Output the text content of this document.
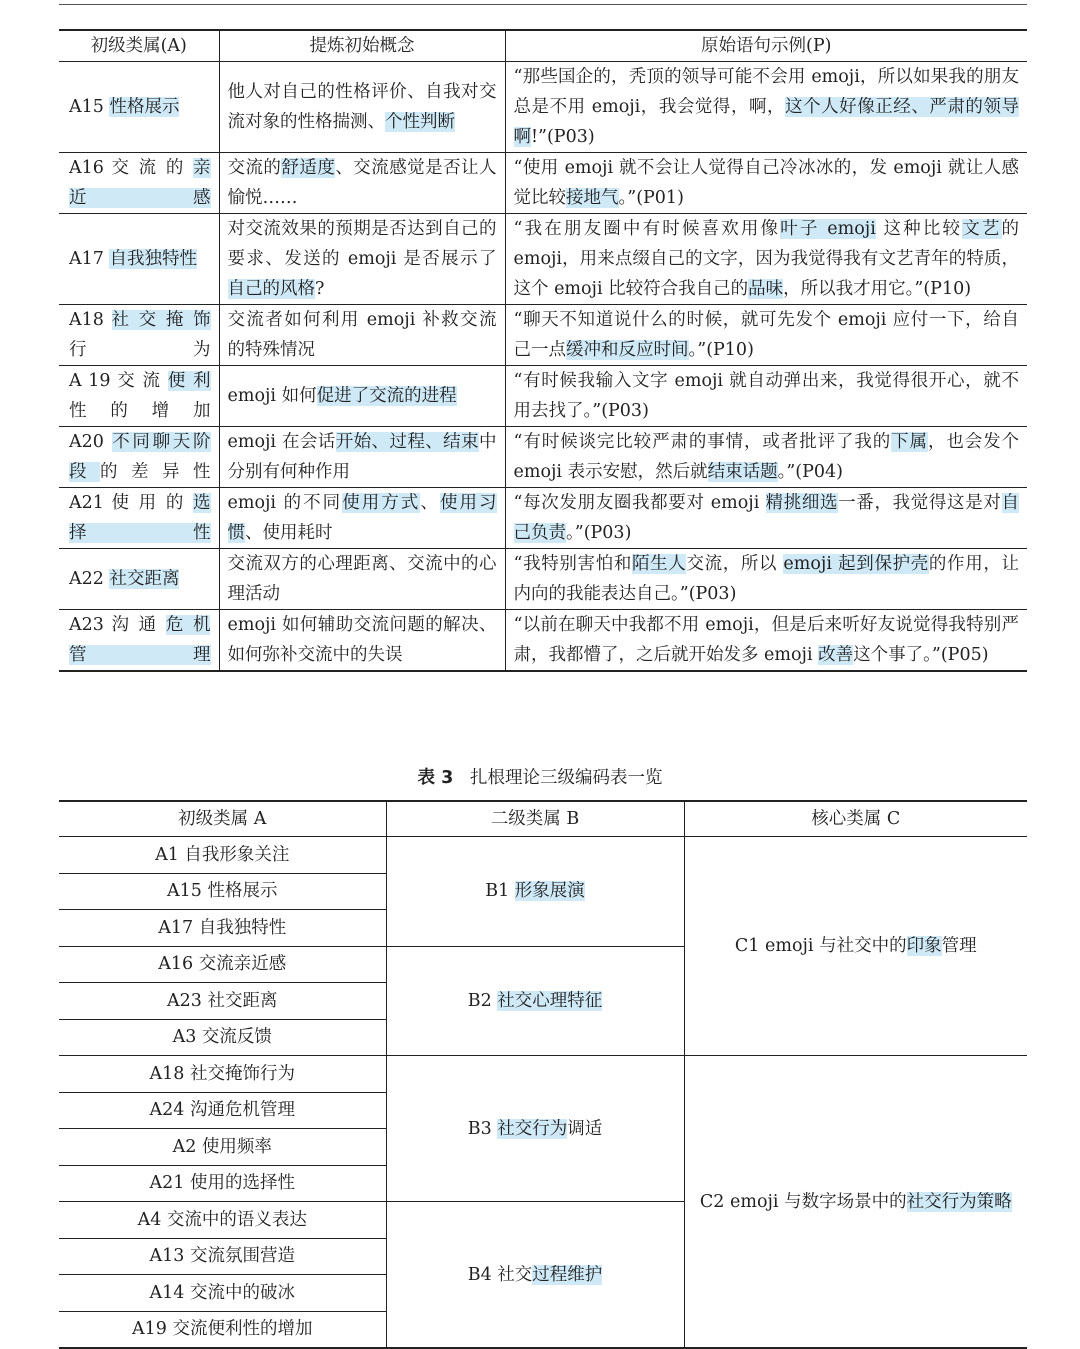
初级类属(A)	提炼初始概念	原始语句示例(P)
A15 性格展示	他人对自己的性格评价、自我对交流对象的性格揣测、个性判断	“那些国企的，秃顶的领导可能不会用 emoji，所以如果我的朋友总是不用 emoji，我会觉得，啊，这个人好像正经、严肃的领导啊!”(P03)
A16 交 流 的 亲近感	交流的舒适度、交流感觉是否让人愉悦……	“使用 emoji 就不会让人觉得自己冷冰冰的，发 emoji 就让人感觉比较接地气。”(P01)
A17 自我独特性	对交流效果的预期是否达到自己的要求、发送的 emoji 是否展示了自己的风格?	“我在朋友圈中有时候喜欢用像叶子 emoji 这种比较文艺的 emoji，用来点缀自己的文字，因为我觉得我有文艺青年的特质，这个 emoji 比较符合我自己的品味，所以我才用它。”(P10)
A18 社 交 掩 饰行为	交流者如何利用 emoji 补救交流的特殊情况	“聊天不知道说什么的时候，就可先发个 emoji 应付一下，给自己一点缓冲和反应时间。”(P10)
A 19 交 流 便 利性的增加	emoji 如何促进了交流的进程	“有时候我输入文字 emoji 就自动弹出来，我觉得很开心，就不用去找了。”(P03)
A20 不同聊天阶段的差异性	emoji 在会话开始、过程、结束中分别有何种作用	“有时候谈完比较严肃的事情，或者批评了我的下属，也会发个 emoji 表示安慰，然后就结束话题。”(P04)
A21 使 用 的 选择性	emoji 的不同使用方式、使用习惯、使用耗时	“每次发朋友圈我都要对 emoji 精挑细选一番，我觉得这是对自己负责。”(P03)
A22 社交距离	交流双方的心理距离、交流中的心理活动	“我特别害怕和陌生人交流，所以 emoji 起到保护壳的作用，让内向的我能表达自己。”(P03)
A23 沟 通 危 机管理	emoji 如何辅助交流问题的解决、如何弥补交流中的失误	“以前在聊天中我都不用 emoji，但是后来听好友说觉得我特别严肃，我都懵了，之后就开始发多 emoji 改善这个事了。”(P05)
表 3 扎根理论三级编码表一览
初级类属 A	二级类属 B	核心类属 C
A1 自我形象关注	B1 形象展演	C1 emoji 与社交中的印象管理
A15 性格展示		
A17 自我独特性		
A16 交流亲近感	B2 社交心理特征	
A23 社交距离		
A3 交流反馈		
A18 社交掩饰行为	B3 社交行为调适	C2 emoji 与数字场景中的社交行为策略
A24 沟通危机管理		
A2 使用频率		
A21 使用的选择性		
A4 交流中的语义表达	B4 社交过程维护	
A13 交流氛围营造		
A14 交流中的破冰		
A19 交流便利性的增加		
